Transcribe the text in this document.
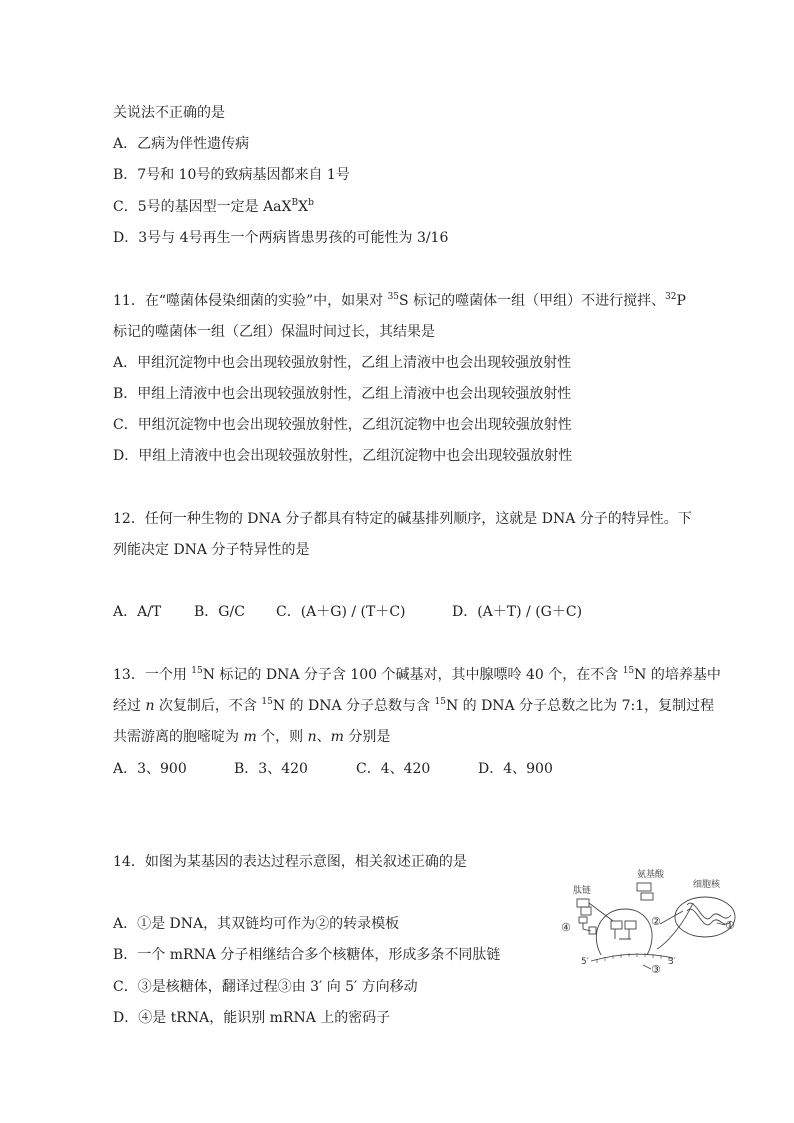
关说法不正确的是
A．乙病为伴性遗传病
B．7号和 10号的致病基因都来自 1号
C．5号的基因型一定是 $AaX^BX^b$
D．3号与 4号再生一个两病皆患男孩的可能性为 3/16
11．在“噬菌体侵染细菌的实验”中，如果对 $^{35}$S 标记的噬菌体一组（甲组）不进行搅拌、$^{32}$P
标记的噬菌体一组（乙组）保温时间过长，其结果是
A．甲组沉淀物中也会出现较强放射性，乙组上清液中也会出现较强放射性
B．甲组上清液中也会出现较强放射性，乙组上清液中也会出现较强放射性
C．甲组沉淀物中也会出现较强放射性，乙组沉淀物中也会出现较强放射性
D．甲组上清液中也会出现较强放射性，乙组沉淀物中也会出现较强放射性
12．任何一种生物的 DNA 分子都具有特定的碱基排列顺序，这就是 DNA 分子的特异性。下
列能决定 DNA 分子特异性的是
A．A/T B．G/C C．(A＋G) / (T＋C)	D．(A＋T) / (G＋C)
13．一个用 $^{15}$N 标记的 DNA 分子含 100 个碱基对，其中腺嘌呤 40 个，在不含 $^{15}$N 的培养基中
经过 n 次复制后，不含 $^{15}$N 的 DNA 分子总数与含 $^{15}$N 的 DNA 分子总数之比为 7:1，复制过程
共需游离的胞嘧啶为 m 个，则 n、m 分别是
A．3、900	B．3、420	C．4、420	D．4、900
14．如图为某基因的表达过程示意图，相关叙述正确的是
A．①是 DNA，其双链均可作为②的转录模板
B．一个 mRNA 分子相继结合多个核糖体，形成多条不同肽链
C．③是核糖体，翻译过程③由 3′ 向 5′ 方向移动
D．④是 tRNA，能识别 mRNA 上的密码子
肽链
氨基酸
细胞核
④	②	①
③
5′	3′
